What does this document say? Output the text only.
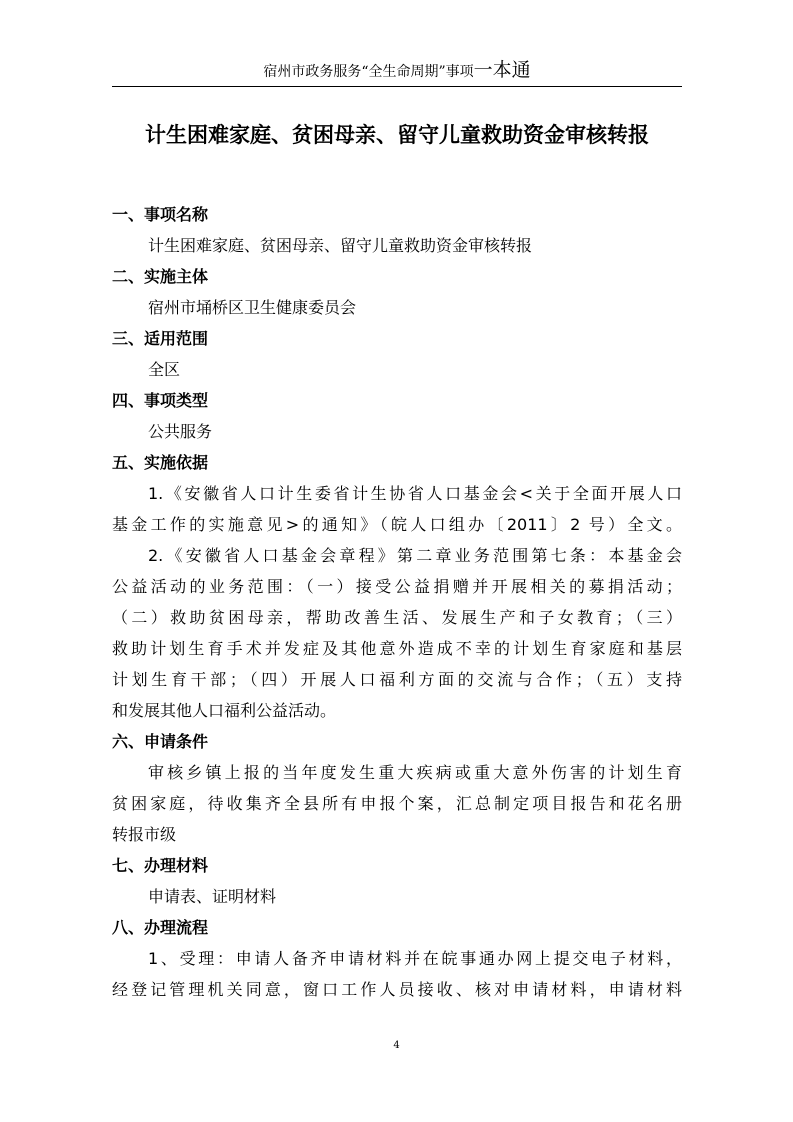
宿州市政务服务“全生命周期”事项一本通
计生困难家庭、贫困母亲、留守儿童救助资金审核转报
一、事项名称
计生困难家庭、贫困母亲、留守儿童救助资金审核转报
二、实施主体
宿州市埇桥区卫生健康委员会
三、适用范围
全区
四、事项类型
公共服务
五、实施依据
1.《安徽省人口计生委省计生协省人口基金会<关于全面开展人口
基金工作的实施意见>的通知》（皖人口组办〔2011〕2 号）全文。
2.《安徽省人口基金会章程》第二章业务范围第七条：本基金会
公益活动的业务范围：（一）接受公益捐赠并开展相关的募捐活动；
（二）救助贫困母亲，帮助改善生活、发展生产和子女教育；（三）
救助计划生育手术并发症及其他意外造成不幸的计划生育家庭和基层
计划生育干部；（四）开展人口福利方面的交流与合作；（五）支持
和发展其他人口福利公益活动。
六、申请条件
审核乡镇上报的当年度发生重大疾病或重大意外伤害的计划生育
贫困家庭，待收集齐全县所有申报个案，汇总制定项目报告和花名册
转报市级
七、办理材料
申请表、证明材料
八、办理流程
1、受理：申请人备齐申请材料并在皖事通办网上提交电子材料，
经登记管理机关同意，窗口工作人员接收、核对申请材料，申请材料
4
